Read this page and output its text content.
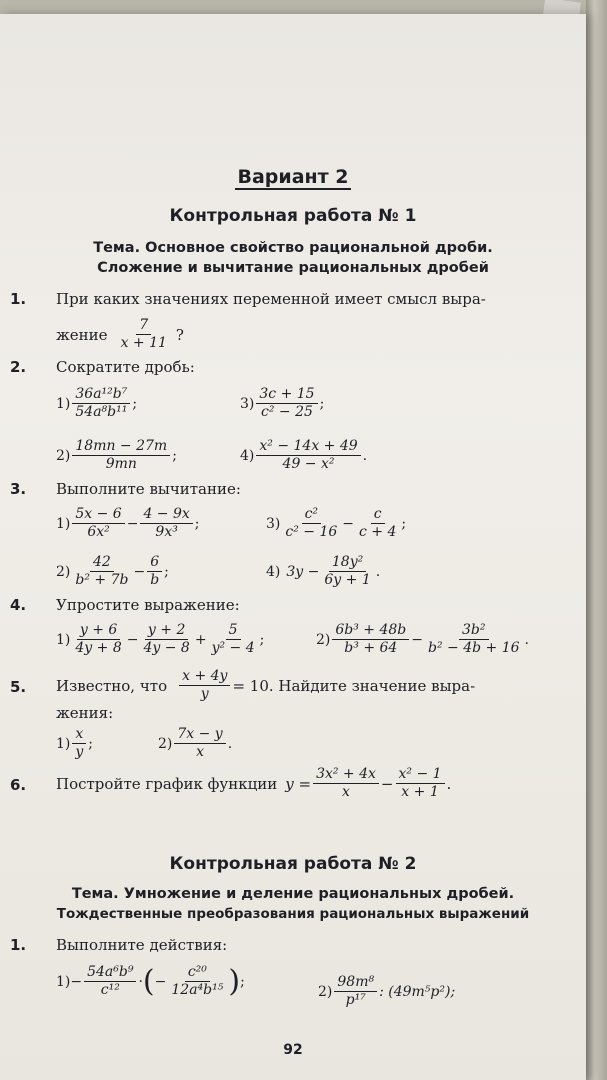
Вариант 2
Контрольная работа № 1
Тема. Основное свойство рациональной дроби.
Сложение и вычитание рациональных дробей
1. При каких значениях переменной имеет смысл выра-
жение $\frac{7}{x + 11}$ ?
2. Сократите дробь:
$1) \frac{\text{36a¹²b⁷}}{\text{54a⁸b¹¹}}$ ;	$3) \frac{3c + 15}{\text{c² − 25}}$ ;
$2) \frac{18mn - 27m}{9mn}$ ;	$4) \frac{\text{x² − 14x + 49}}{\text{49 − x²}}$ .
3. Выполните вычитание:
$1) \frac{5x - 6}{\text{6x²}} - \frac{4 - 9x}{\text{9x³}}$ ;	$3) \frac{\text{c²}}{\text{c² − 16}} - \frac{c}{c + 4}$ ;
$2) \frac{42}{\text{b² + 7b}} - \frac{6}{b}$ ;	4) $3y - \frac{\text{18y²}}{6y + 1}$ .
4. Упростите выражение:
$1) \frac{y + 6}{4y + 8} - \frac{y + 2}{4y - 8} + \frac{5}{\text{y² − 4}}$ ;	$2) \frac{\text{6b³ + 48b}}{\text{b³ + 64}} - \frac{\text{3b²}}{\text{b² − 4b + 16}}$ .
5. Известно, что $\frac{x + 4y}{y} = 10$. Найдите значение выра-
жения:
$1) \frac{x}{y}$ ;	$2) \frac{7x - y}{x}$ .
6. Постройте график функции $y = \frac{\text{3x² + 4x}}{x} - \frac{\text{x² − 1}}{x + 1}$ .
Контрольная работа № 2
Тема. Умножение и деление рациональных дробей.
Тождественные преобразования рациональных выражений
1. Выполните действия:
$1) - \frac{\text{54a⁶b⁹}}{\text{c¹²}}$ · ( − $\frac{\text{c²⁰}}{\text{12a⁴b¹⁵}}$ ) ;
$2) \frac{\text{98m⁸}}{\text{p¹⁷}}$ : (49m⁵p²);
92
